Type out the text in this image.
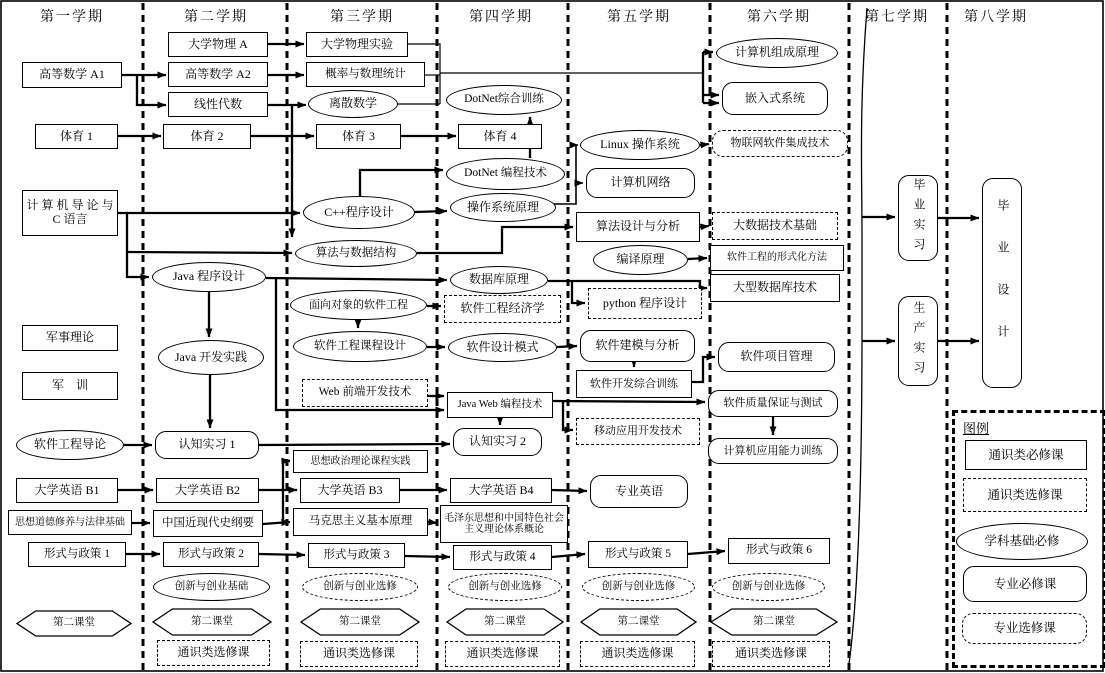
第一学期	第二学期	第三学期	第四学期	第五学期	第六学期	第七学期	第八学期
高等数学 A1
体育 1
计 算 机 导 论 与 C 语言
军事理论
军　训
软件工程导论
大学英语 B1
思想道德修养与法律基础
形式与政策 1
第二课堂
大学物理 A
高等数学 A2
线性代数
体育 2
Java 程序设计
Java 开发实践
认知实习 1
大学英语 B2
中国近现代史纲要
形式与政策 2
创新与创业基础
第二课堂
通识类选修课
大学物理实验
概率与数理统计
离散数学
体育 3
C++程序设计
算法与数据结构
面向对象的软件工程
软件工程课程设计
Web 前端开发技术
思想政治理论课程实践
大学英语 B3
马克思主义基本原理
形式与政策 3
创新与创业选修
第二课堂
通识类选修课
DotNet综合训练
体育 4
DotNet 编程技术
操作系统原理
数据库原理
软件工程经济学
软件设计模式
Java Web 编程技术
认知实习 2
大学英语 B4
毛泽东思想和中国特色社会主义理论体系概论
形式与政策 4
创新与创业选修
第二课堂
通识类选修课
Linux 操作系统
计算机网络
算法设计与分析
编译原理
python 程序设计
软件建模与分析
软件开发综合训练
移动应用开发技术
专业英语
形式与政策 5
创新与创业选修
第二课堂
通识类选修课
计算机组成原理
嵌入式系统
物联网软件集成技术
大数据技术基础
软件工程的形式化方法
大型数据库技术
软件项目管理
软件质量保证与测试
计算机应用能力训练
形式与政策 6
创新与创业选修
第二课堂
通识类选修课
毕业实习
生产实习	毕业设计
通识类必修课
通识类选修课
学科基础必修
专业必修课
专业选修课
图例
